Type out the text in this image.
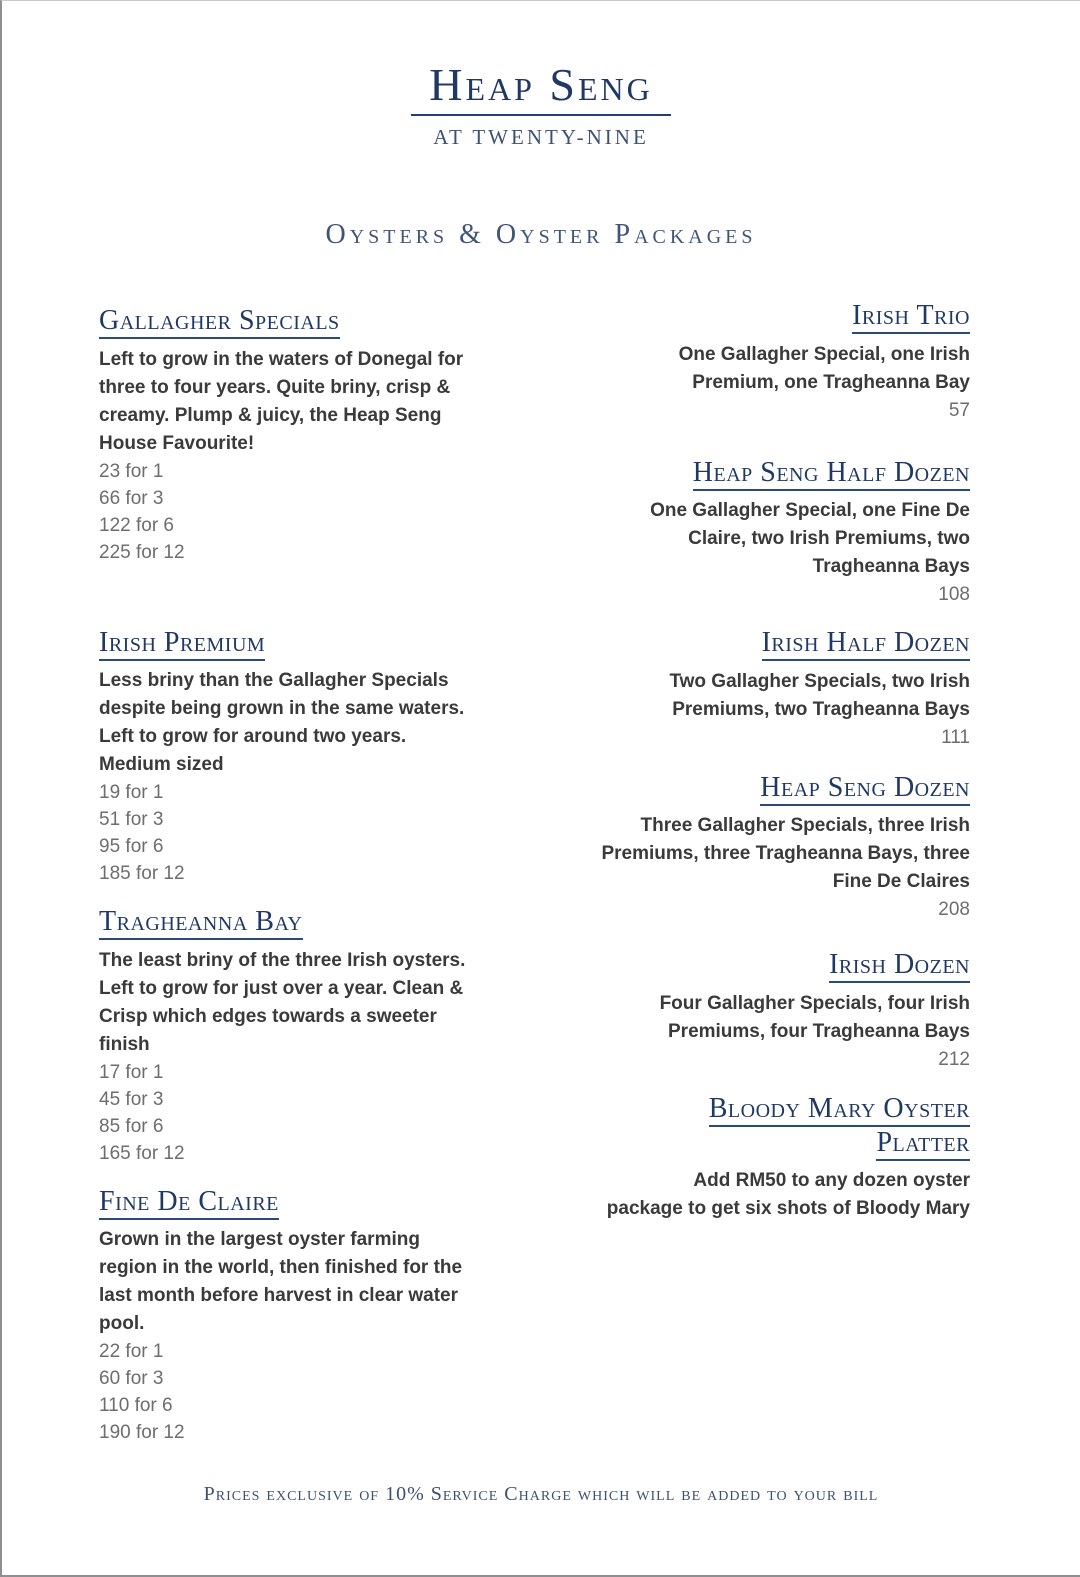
Heap Seng
AT TWENTY-NINE
Oysters & Oyster Packages
Gallagher Specials
Left to grow in the waters of Donegal for
three to four years. Quite briny, crisp &
creamy. Plump & juicy, the Heap Seng
House Favourite!
23 for 1
66 for 3
122 for 6
225 for 12
Irish Premium
Less briny than the Gallagher Specials
despite being grown in the same waters.
Left to grow for around two years.
Medium sized
19 for 1
51 for 3
95 for 6
185 for 12
Tragheanna Bay
The least briny of the three Irish oysters.
Left to grow for just over a year. Clean &
Crisp which edges towards a sweeter
finish
17 for 1
45 for 3
85 for 6
165 for 12
Fine De Claire
Grown in the largest oyster farming
region in the world, then finished for the
last month before harvest in clear water
pool.
22 for 1
60 for 3
110 for 6
190 for 12
Irish Trio
One Gallagher Special, one Irish
Premium, one Tragheanna Bay
57
Heap Seng Half Dozen
One Gallagher Special, one Fine De
Claire, two Irish Premiums, two
Tragheanna Bays
108
Irish Half Dozen
Two Gallagher Specials, two Irish
Premiums, two Tragheanna Bays
111
Heap Seng Dozen
Three Gallagher Specials, three Irish
Premiums, three Tragheanna Bays, three
Fine De Claires
208
Irish Dozen
Four Gallagher Specials, four Irish
Premiums, four Tragheanna Bays
212
Bloody Mary Oyster
Platter
Add RM50 to any dozen oyster
package to get six shots of Bloody Mary
Prices exclusive of 10% Service Charge which will be added to your bill
